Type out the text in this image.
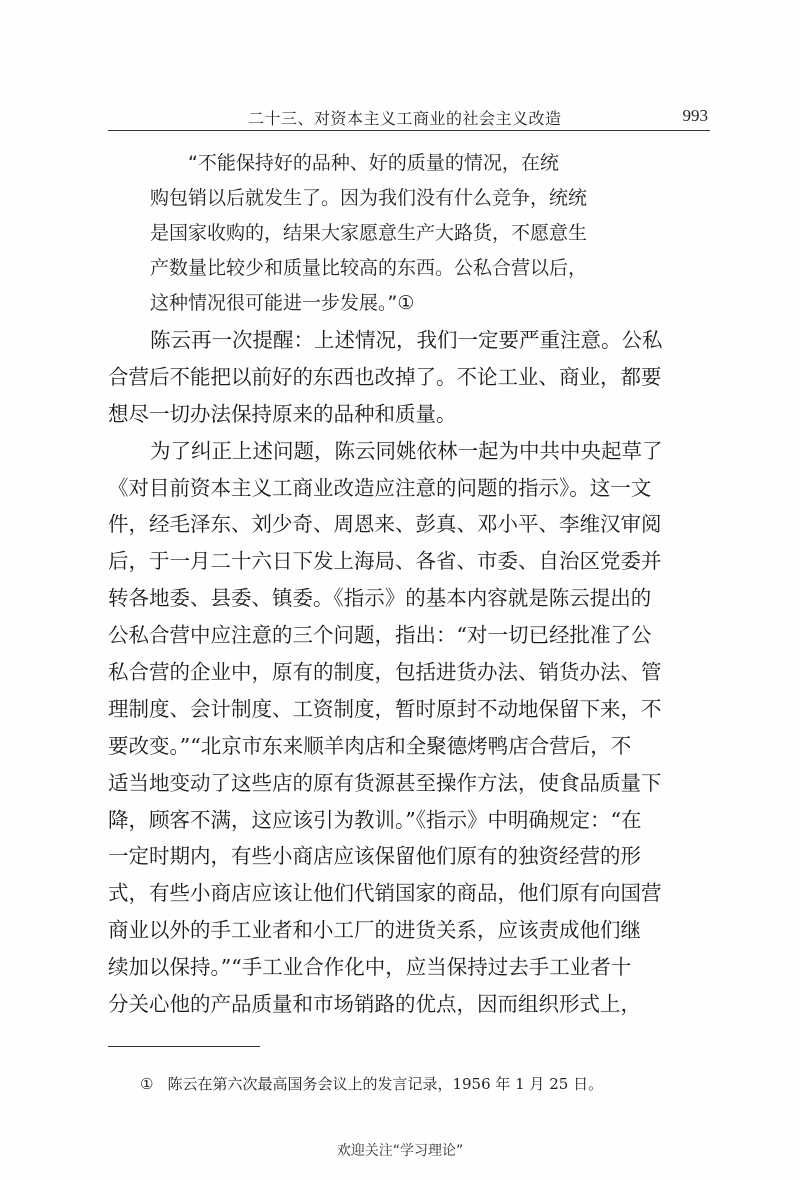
二十三、对资本主义工商业的社会主义改造	993
“不能保持好的品种、好的质量的情况，在统
购包销以后就发生了。因为我们没有什么竞争，统统
是国家收购的，结果大家愿意生产大路货，不愿意生
产数量比较少和质量比较高的东西。公私合营以后，
这种情况很可能进一步发展。”①
陈云再一次提醒：上述情况，我们一定要严重注意。公私
合营后不能把以前好的东西也改掉了。不论工业、商业，都要
想尽一切办法保持原来的品种和质量。
为了纠正上述问题，陈云同姚依林一起为中共中央起草了
《对目前资本主义工商业改造应注意的问题的指示》。这一文
件，经毛泽东、刘少奇、周恩来、彭真、邓小平、李维汉审阅
后，于一月二十六日下发上海局、各省、市委、自治区党委并
转各地委、县委、镇委。《指示》的基本内容就是陈云提出的
公私合营中应注意的三个问题，指出：“对一切已经批准了公
私合营的企业中，原有的制度，包括进货办法、销货办法、管
理制度、会计制度、工资制度，暂时原封不动地保留下来，不
要改变。”“北京市东来顺羊肉店和全聚德烤鸭店合营后，不
适当地变动了这些店的原有货源甚至操作方法，使食品质量下
降，顾客不满，这应该引为教训。”《指示》中明确规定：“在
一定时期内，有些小商店应该保留他们原有的独资经营的形
式，有些小商店应该让他们代销国家的商品，他们原有向国营
商业以外的手工业者和小工厂的进货关系，应该责成他们继
续加以保持。”“手工业合作化中，应当保持过去手工业者十
分关心他的产品质量和市场销路的优点，因而组织形式上，
① 陈云在第六次最高国务会议上的发言记录，1956 年 1 月 25 日。
欢迎关注“学习理论”
